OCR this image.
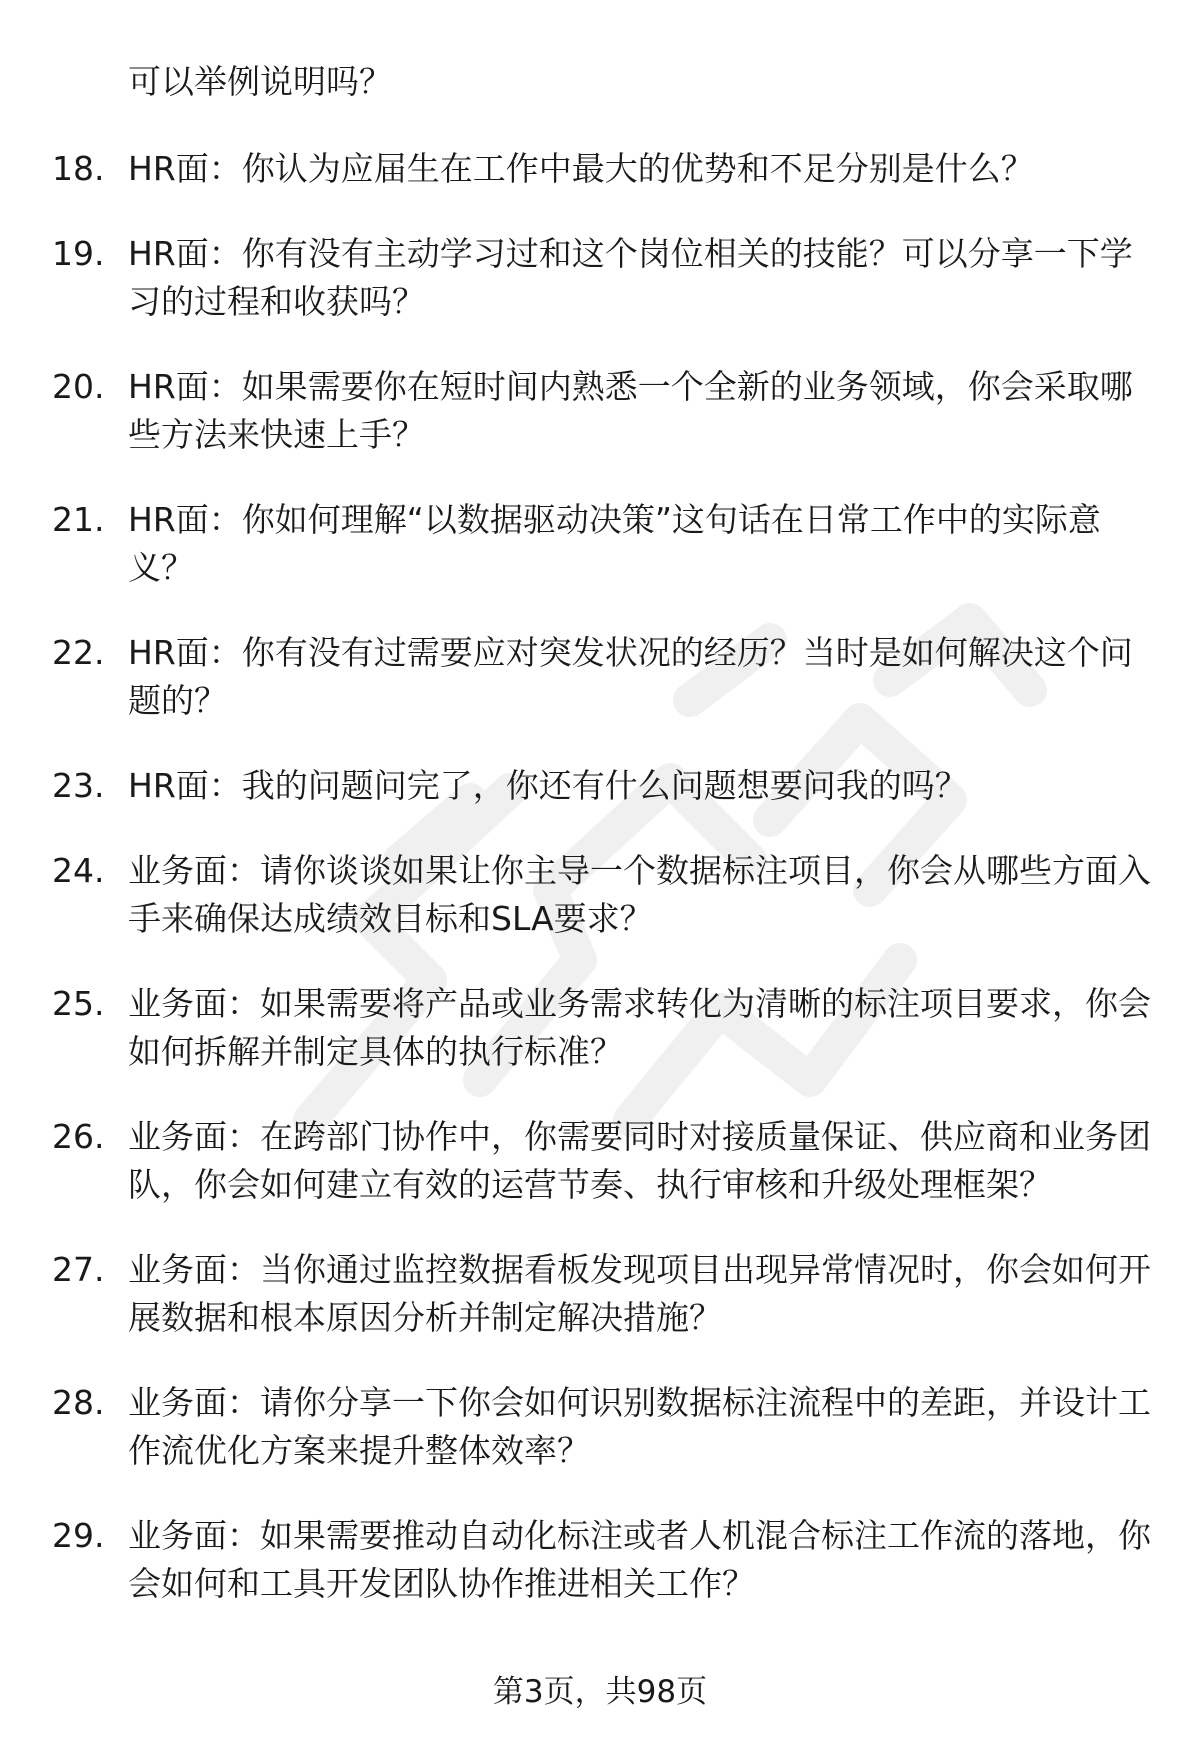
可以举例说明吗？
18. HR面：你认为应届生在工作中最大的优势和不足分别是什么？
19. HR面：你有没有主动学习过和这个岗位相关的技能？可以分享一下学习的过程和收获吗？
20. HR面：如果需要你在短时间内熟悉一个全新的业务领域，你会采取哪些方法来快速上手？
21. HR面：你如何理解“以数据驱动决策”这句话在日常工作中的实际意义？
22. HR面：你有没有过需要应对突发状况的经历？当时是如何解决这个问题的？
23. HR面：我的问题问完了，你还有什么问题想要问我的吗？
24. 业务面：请你谈谈如果让你主导一个数据标注项目，你会从哪些方面入手来确保达成绩效目标和SLA要求？
25. 业务面：如果需要将产品或业务需求转化为清晰的标注项目要求，你会如何拆解并制定具体的执行标准？
26. 业务面：在跨部门协作中，你需要同时对接质量保证、供应商和业务团队，你会如何建立有效的运营节奏、执行审核和升级处理框架？
27. 业务面：当你通过监控数据看板发现项目出现异常情况时，你会如何开展数据和根本原因分析并制定解决措施？
28. 业务面：请你分享一下你会如何识别数据标注流程中的差距，并设计工作流优化方案来提升整体效率？
29. 业务面：如果需要推动自动化标注或者人机混合标注工作流的落地，你会如何和工具开发团队协作推进相关工作？
第3页，共98页
